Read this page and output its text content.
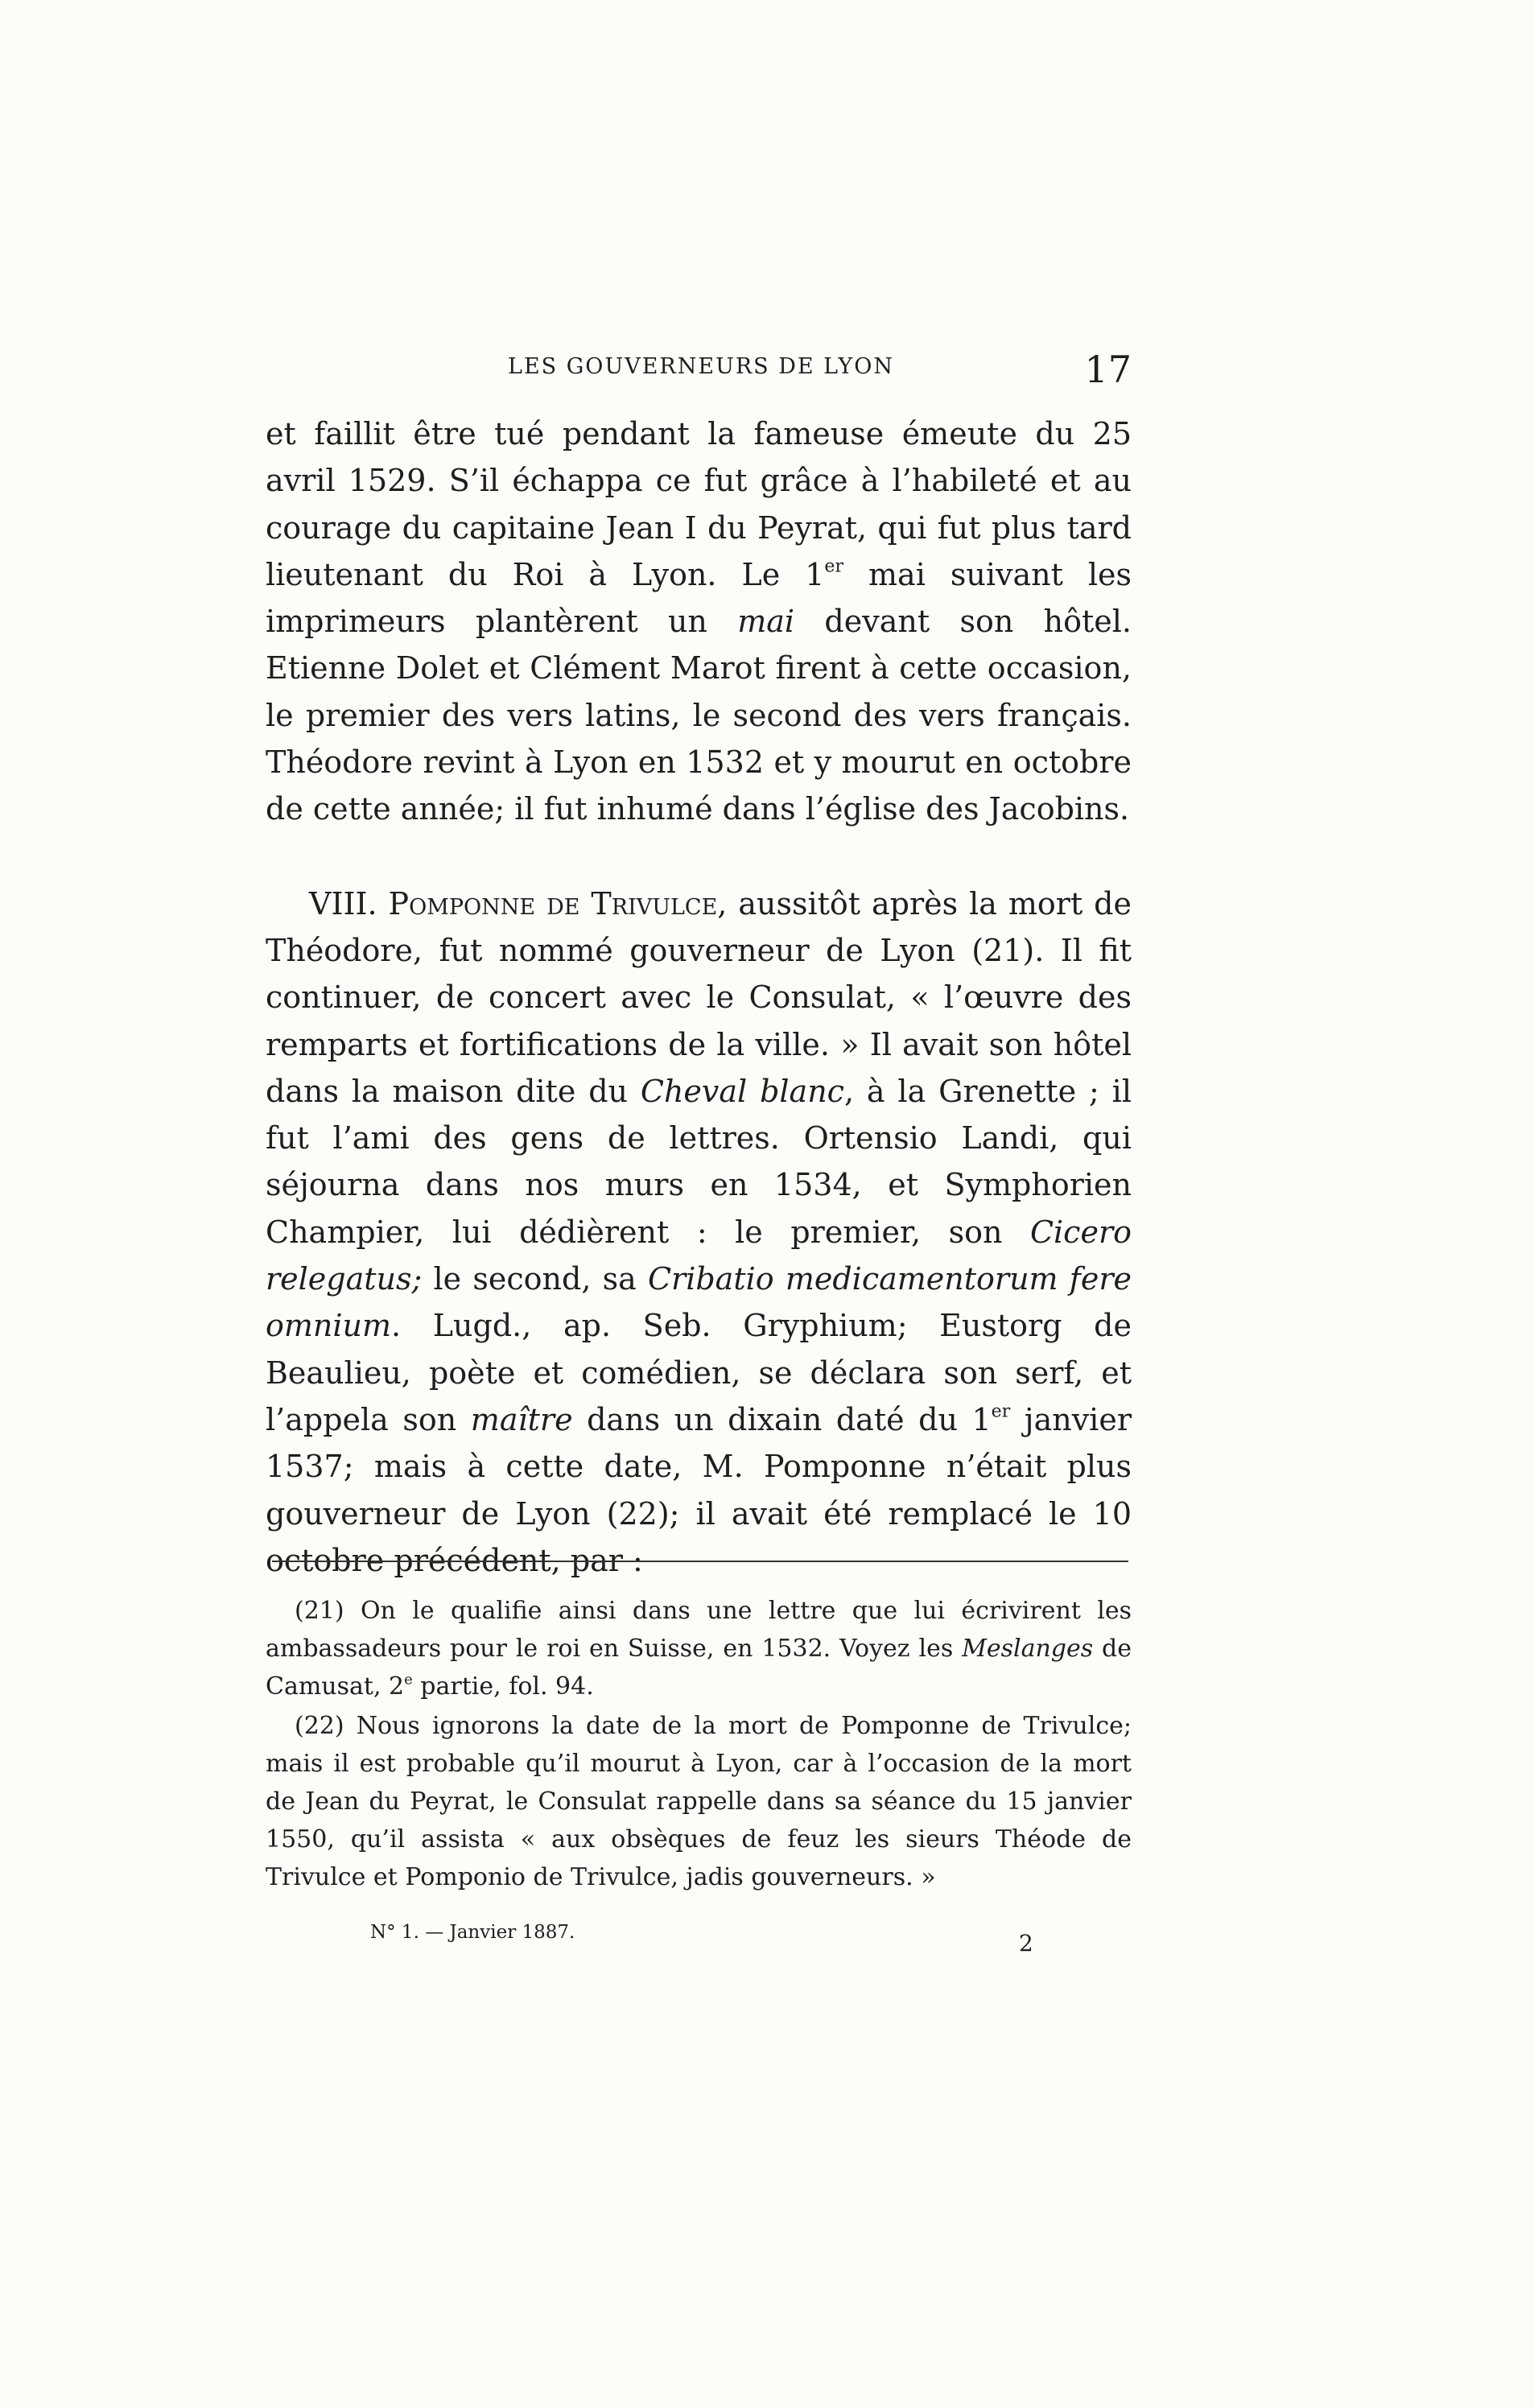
LES GOUVERNEURS DE LYON	17

et faillit être tué pendant la fameuse émeute du 25 avril 1529. S’il échappa ce fut grâce à l’habileté et au courage du capitaine Jean I du Peyrat, qui fut plus tard lieutenant du Roi à Lyon. Le 1er mai suivant les imprimeurs plantèrent un mai devant son hôtel. Etienne Dolet et Clément Marot firent à cette occasion, le premier des vers latins, le second des vers français. Théodore revint à Lyon en 1532 et y mourut en octobre de cette année; il fut inhumé dans l’église des Jacobins.

VIII. Pomponne de Trivulce, aussitôt après la mort de Théodore, fut nommé gouverneur de Lyon (21). Il fit continuer, de concert avec le Consulat, « l’œuvre des remparts et fortifications de la ville. » Il avait son hôtel dans la maison dite du Cheval blanc, à la Grenette ; il fut l’ami des gens de lettres. Ortensio Landi, qui séjourna dans nos murs en 1534, et Symphorien Champier, lui dédièrent : le premier, son Cicero relegatus; le second, sa Cribatio medicamentorum fere omnium. Lugd., ap. Seb. Gryphium; Eustorg de Beaulieu, poète et comédien, se déclara son serf, et l’appela son maître dans un dixain daté du 1er janvier 1537; mais à cette date, M. Pomponne n’était plus gouverneur de Lyon (22); il avait été remplacé le 10 octobre précédent, par :

(21) On le qualifie ainsi dans une lettre que lui écrivirent les ambassadeurs pour le roi en Suisse, en 1532. Voyez les Meslanges de Camusat, 2e partie, fol. 94.

(22) Nous ignorons la date de la mort de Pomponne de Trivulce; mais il est probable qu’il mourut à Lyon, car à l’occasion de la mort de Jean du Peyrat, le Consulat rappelle dans sa séance du 15 janvier 1550, qu’il assista « aux obsèques de feuz les sieurs Théode de Trivulce et Pomponio de Trivulce, jadis gouverneurs. »

N° 1. — Janvier 1887.	2
